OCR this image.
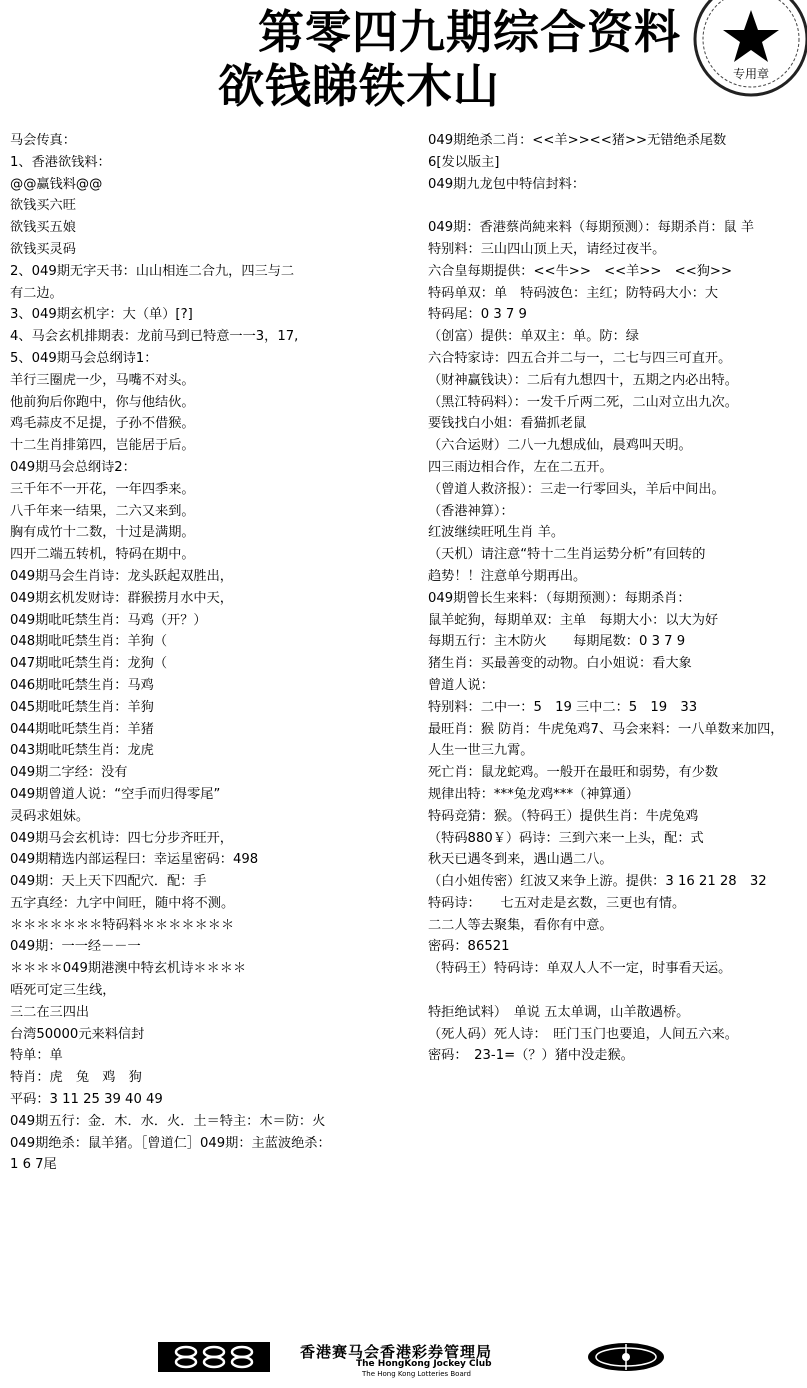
专用章
第零四九期综合资料
欲钱睇铁木山
马会传真：
1、香港欲钱料：
@@赢钱料@@
欲钱买六旺
欲钱买五娘
欲钱买灵码
2、049期无字天书：山山相连二合九，四三与二
有二边。
3、049期玄机字：大（单）[?]
4、马会玄机排期表：龙前马到已特意一一3，17,
5、049期马会总纲诗1：
羊行三圈虎一少，马嘴不对头。
他前狗后你跑中，你与他结伙。
鸡毛蒜皮不足提，子孙不借猴。
十二生肖排第四，岂能居于后。
049期马会总纲诗2：
三千年不一开花，一年四季来。
八千年来一结果，二六又来到。
胸有成竹十二数，十过是满期。
四开二端五转机，特码在期中。
049期马会生肖诗：龙头跃起双胜出，
049期玄机发财诗：群猴捞月水中天，
049期吡吒禁生肖：马鸡（开？）
048期吡吒禁生肖：羊狗（
047期吡吒禁生肖：龙狗（
046期吡吒禁生肖：马鸡
045期吡吒禁生肖：羊狗
044期吡吒禁生肖：羊猪
043期吡吒禁生肖：龙虎
049期二字经：没有
049期曾道人说：“空手而归得零尾”
灵码求姐妹。
049期马会玄机诗：四七分步齐旺开，
049期精选内部运程曰：幸运星密码：498
049期：天上天下四配穴．配：手
五字真经：九字中间旺，随中将不测。
＊＊＊＊＊＊＊特码料＊＊＊＊＊＊＊
049期：一一经－－一
＊＊＊＊049期港澳中特玄机诗＊＊＊＊
唔死可定三生线，
三二在三四出
台湾50000元来料信封
特单：单
特肖：虎　兔　鸡　狗
平码：3 11 25 39 40 49
049期五行：金．木．水．火．土＝特主：木＝防：火
049期绝杀：鼠羊猪。［曾道仁］049期：主蓝波绝杀：
1 6 7尾
049期绝杀二肖：<<羊>><<猪>>无错绝杀尾数
6[发以版主]
049期九龙包中特信封料：
049期：香港蔡尚純来料（每期预测）：每期杀肖：鼠 羊
特别料：三山四山顶上天，请经过夜半。
六合皇每期提供：<<牛>>　<<羊>>　<<狗>>
特码单双：单　特码波色：主红；防特码大小：大
特码尾：0 3 7 9
（创富）提供：单双主：单。防：绿
六合特家诗：四五合并二与一，二七与四三可直开。
（财神赢钱诀）：二后有九想四十，五期之内必出特。
（黑江特码料）：一发千斤两二死，二山对立出九次。
要钱找白小姐：看猫抓老鼠
（六合运财）二八一九想成仙，晨鸡叫天明。
四三雨边相合作，左在二五开。
（曾道人救济报）：三走一行零回头，羊后中间出。
（香港神算）：
红波继续旺吼生肖 羊。
（天机）请注意“特十二生肖运势分析”有回转的
趋势！！注意单兮期再出。
049期曾长生来料：（每期预测）：每期杀肖：
鼠羊蛇狗，每期单双：主单　每期大小：以大为好
每期五行：主木防火　　每期尾数：0 3 7 9
猪生肖：买最善变的动物。白小姐说：看大象
曾道人说：
特别料：二中一：5　19 三中二：5　19　33
最旺肖：猴 防肖：牛虎兔鸡7、马会来料：一八单数来加四，
人生一世三九霄。
死亡肖：鼠龙蛇鸡。一般开在最旺和弱势，有少数
规律出特：***兔龙鸡***（神算通）
特码竞猜：猴。（特码王）提供生肖：牛虎兔鸡
（特码880￥）码诗：三到六来一上头，配：式
秋天已遇冬到来，遇山遇二八。
（白小姐传密）红波又来争上游。提供：3 16 21 28　32
特码诗：　　七五对走是玄数，三更也有情。
二二人等去聚集，看你有中意。
密码：86521
（特码王）特码诗：单双人人不一定，时事看天运。
特拒绝试料）　单说 五太单调，山羊散遇桥。
（死人码）死人诗：　旺门玉门也要追，人间五六来。
密码：　23-1=（？）猪中没走猴。
香港赛马会香港彩券管理局
The HongKong Jockey Club
The Hong Kong Lotteries Board
